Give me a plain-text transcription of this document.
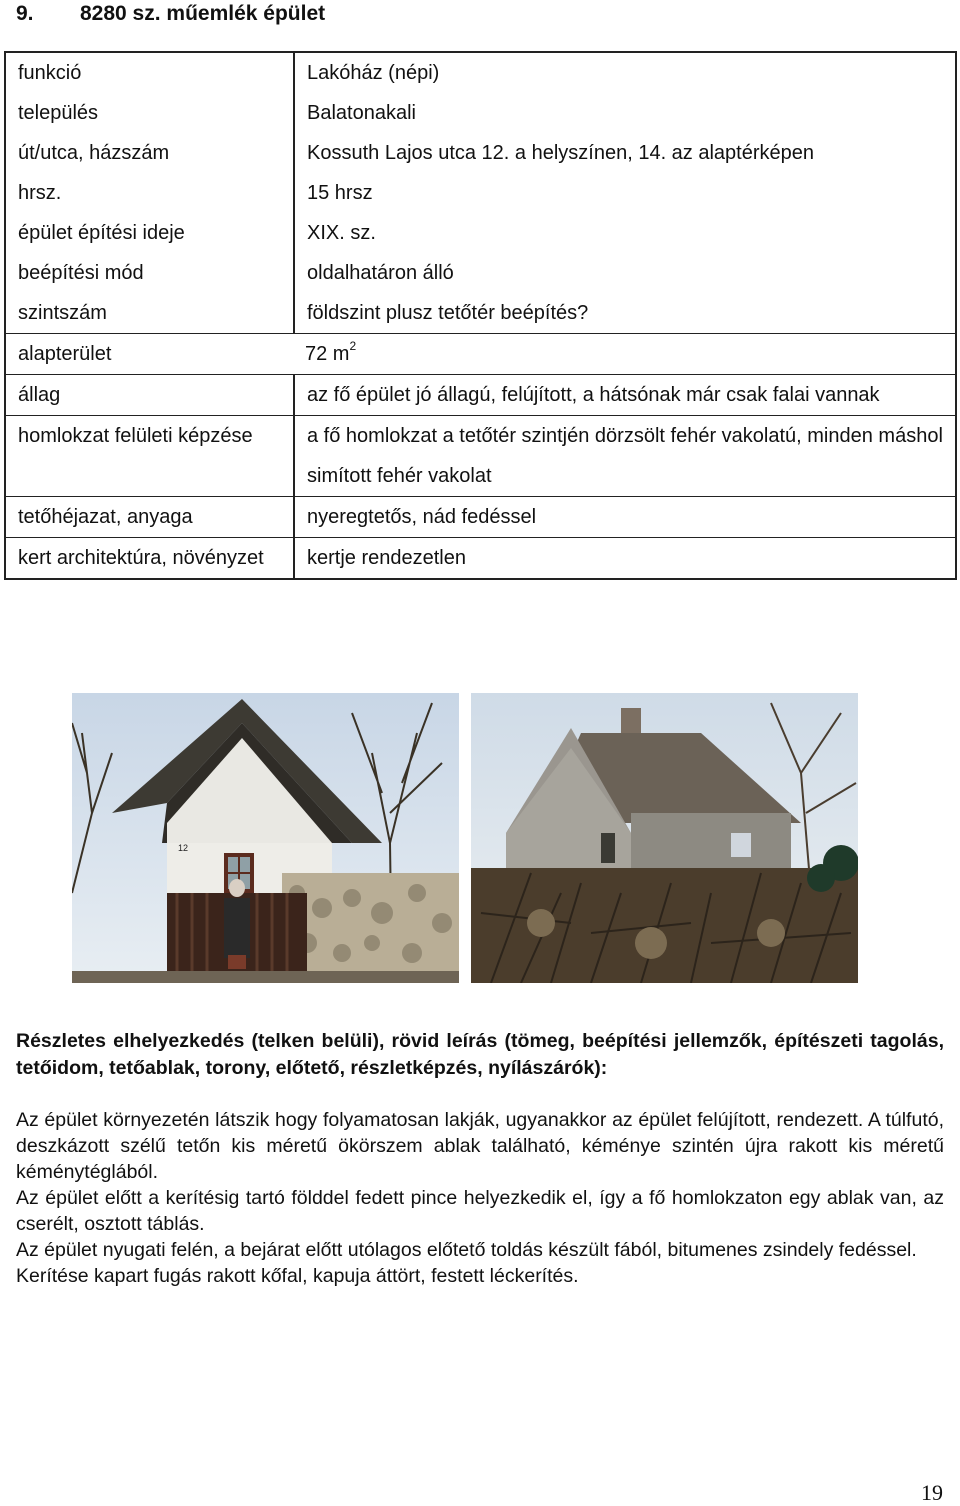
9. 8280 sz. műemlék épület
funkció	Lakóház (népi)
település	Balatonakali
út/utca, házszám	Kossuth Lajos utca 12. a helyszínen, 14. az alaptérképen
hrsz.	15 hrsz
épület építési ideje	XIX. sz.
beépítési mód	oldalhatáron álló
szintszám	földszint plusz tetőtér beépítés?
alapterület 72 $m^2$
állag	az fő épület jó állagú, felújított, a hátsónak már csak falai vannak
homlokzat felületi képzése	a fő homlokzat a tetőtér szintjén dörzsölt fehér vakolatú, minden máshol simított fehér vakolat
tetőhéjazat, anyaga	nyeregtetős, nád fedéssel
kert architektúra, növényzet	kertje rendezetlen
12
Részletes elhelyezkedés (telken belüli), rövid leírás (tömeg, beépítési jellemzők, építészeti tagolás, tetőidom, tetőablak, torony, előtető, részletképzés, nyílászárók):

Az épület környezetén látszik hogy folyamatosan lakják, ugyanakkor az épület felújított, rendezett. A túlfutó, deszkázott szélű tetőn kis méretű ökörszem ablak található, kéménye szintén újra rakott kis méretű kéménytéglából.

Az épület előtt a kerítésig tartó földdel fedett pince helyezkedik el, így a fő homlokzaton egy ablak van, az cserélt, osztott táblás.

Az épület nyugati felén, a bejárat előtt utólagos előtető toldás készült fából, bitumenes zsindely fedéssel.

Kerítése kapart fugás rakott kőfal, kapuja áttört, festett léckerítés.

19
